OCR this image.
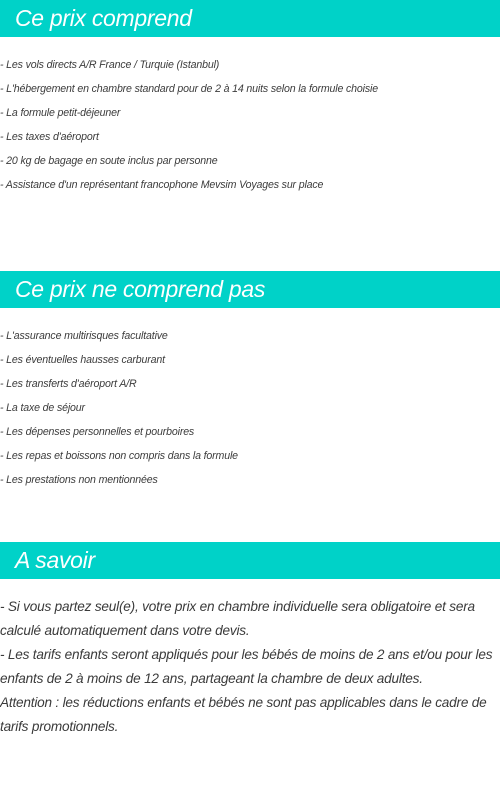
Ce prix comprend
- Les vols directs A/R France / Turquie (Istanbul)
- L'hébergement en chambre standard pour de 2 à 14 nuits selon la formule choisie
- La formule petit-déjeuner
- Les taxes d'aéroport
- 20 kg de bagage en soute inclus par personne
- Assistance d'un représentant francophone Mevsim Voyages sur place
Ce prix ne comprend pas
- L'assurance multirisques facultative
- Les éventuelles hausses carburant
- Les transferts d'aéroport A/R
- La taxe de séjour
- Les dépenses personnelles et pourboires
- Les repas et boissons non compris dans la formule
- Les prestations non mentionnées
A savoir

- Si vous partez seul(e), votre prix en chambre individuelle sera obligatoire et sera calculé automatiquement dans votre devis.

- Les tarifs enfants seront appliqués pour les bébés de moins de 2 ans et/ou pour les enfants de 2 à moins de 12 ans, partageant la chambre de deux adultes.

Attention : les réductions enfants et bébés ne sont pas applicables dans le cadre de tarifs promotionnels.
